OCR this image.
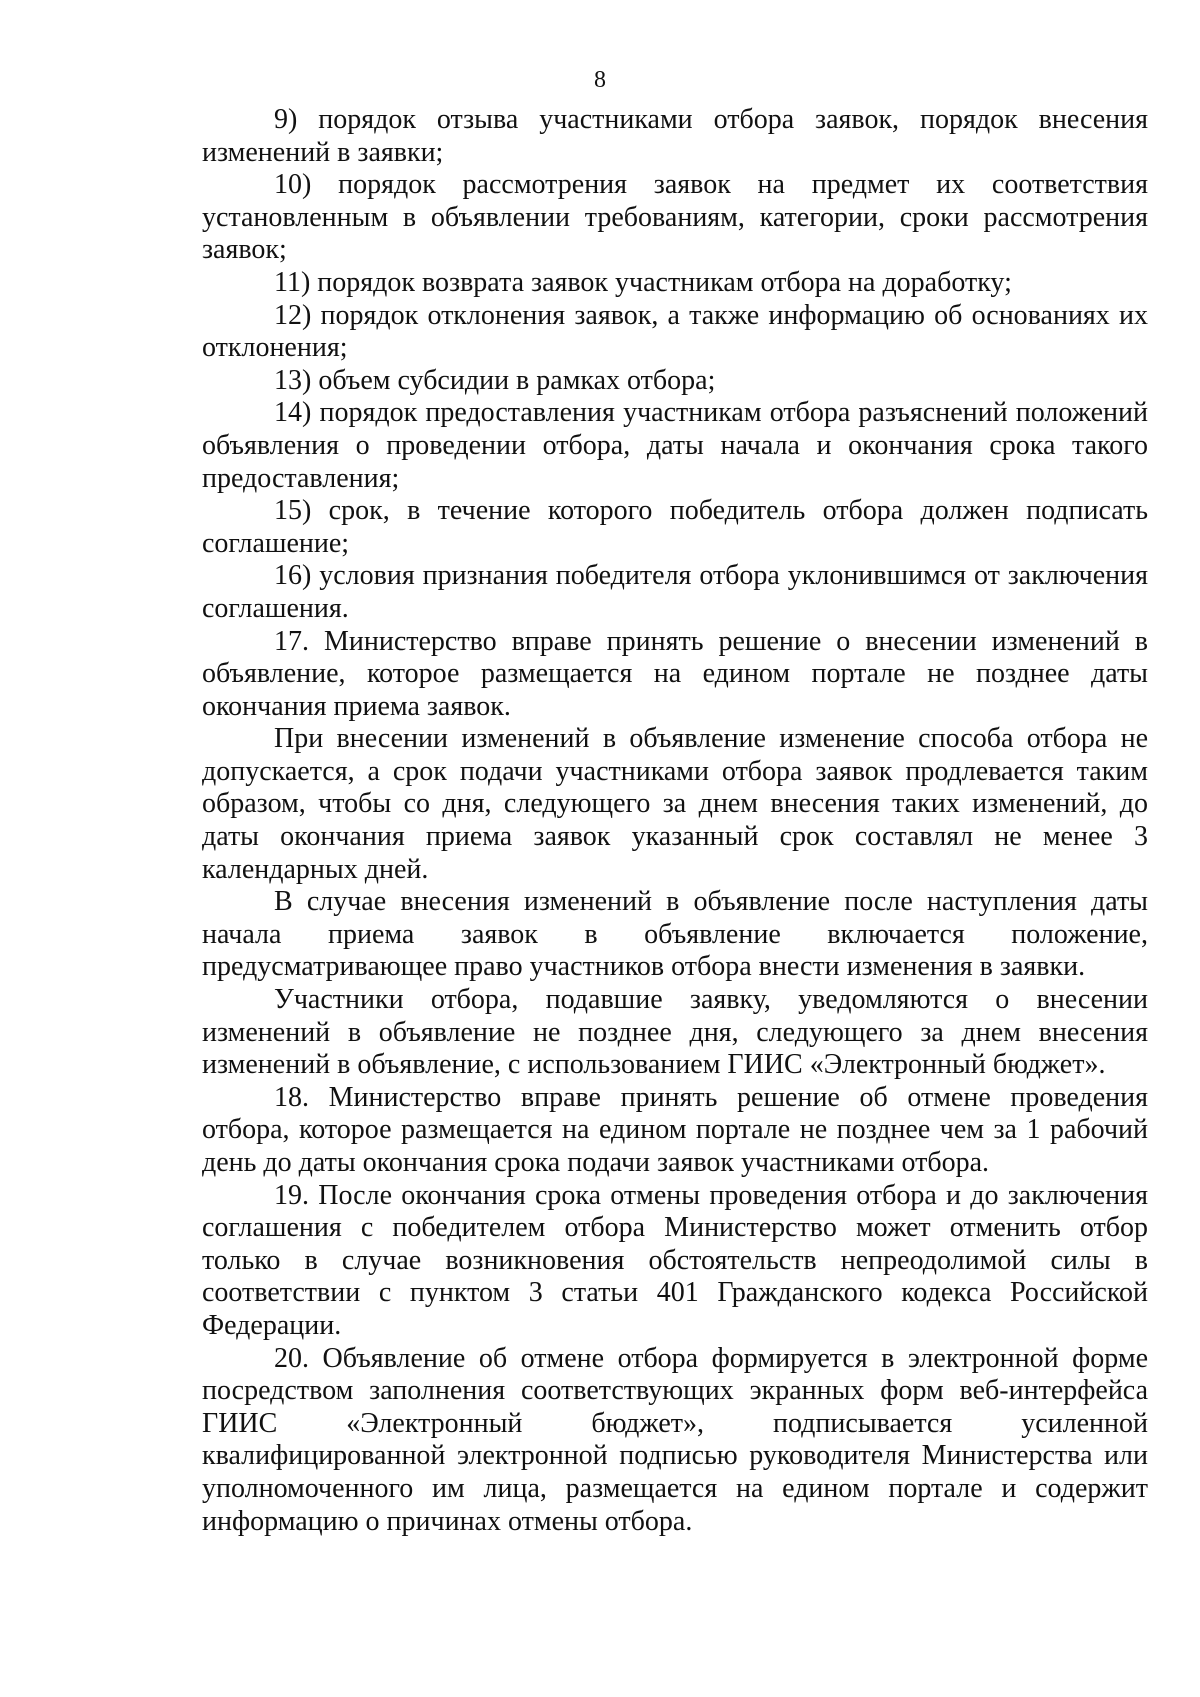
8

9) порядок отзыва участниками отбора заявок, порядок внесения изменений в заявки;

10) порядок рассмотрения заявок на предмет их соответствия установленным в объявлении требованиям, категории, сроки рассмотрения заявок;

11) порядок возврата заявок участникам отбора на доработку;

12) порядок отклонения заявок, а также информацию об основаниях их отклонения;

13) объем субсидии в рамках отбора;

14) порядок предоставления участникам отбора разъяснений положений объявления о проведении отбора, даты начала и окончания срока такого предоставления;

15) срок, в течение которого победитель отбора должен подписать соглашение;

16) условия признания победителя отбора уклонившимся от заключения соглашения.

17. Министерство вправе принять решение о внесении изменений в объявление, которое размещается на едином портале не позднее даты окончания приема заявок.

При внесении изменений в объявление изменение способа отбора не допускается, а срок подачи участниками отбора заявок продлевается таким образом, чтобы со дня, следующего за днем внесения таких изменений, до даты окончания приема заявок указанный срок составлял не менее 3 календарных дней.

В случае внесения изменений в объявление после наступления даты начала приема заявок в объявление включается положение, предусматривающее право участников отбора внести изменения в заявки.

Участники отбора, подавшие заявку, уведомляются о внесении изменений в объявление не позднее дня, следующего за днем внесения изменений в объявление, с использованием ГИИС «Электронный бюджет».

18. Министерство вправе принять решение об отмене проведения отбора, которое размещается на едином портале не позднее чем за 1 рабочий день до даты окончания срока подачи заявок участниками отбора.

19. После окончания срока отмены проведения отбора и до заключения соглашения с победителем отбора Министерство может отменить отбор только в случае возникновения обстоятельств непреодолимой силы в соответствии с пунктом 3 статьи 401 Гражданского кодекса Российской Федерации.

20. Объявление об отмене отбора формируется в электронной форме посредством заполнения соответствующих экранных форм веб-интерфейса ГИИС «Электронный бюджет», подписывается усиленной квалифицированной электронной подписью руководителя Министерства или уполномоченного им лица, размещается на едином портале и содержит информацию о причинах отмены отбора.
